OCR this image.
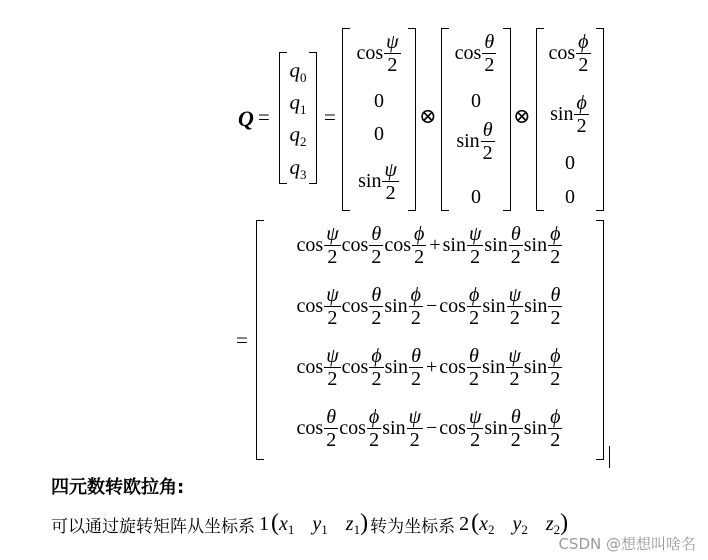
Q =
$q_0$
$q_1$
$q_2$
$q_3$
=
$\cos \frac{\psi}{2}$
0
0
$\sin \frac{\psi}{2}$
⊗
$\cos \frac{\theta}{2}$
0
$\sin \frac{\theta}{2}$
0
⊗
$\cos \frac{\phi}{2}$
$\sin \frac{\phi}{2}$
0
0
=
$\cos \frac{\psi}{2}$ $\cos \frac{\theta}{2}$ $\cos \frac{\phi}{2} + \sin \frac{\psi}{2}$ $\sin \frac{\theta}{2}$ $\sin \frac{\phi}{2}$
$\cos \frac{\psi}{2}$ $\cos \frac{\theta}{2}$ $\sin \frac{\phi}{2} - \cos \frac{\phi}{2}$ $\sin \frac{\psi}{2}$ $\sin \frac{\theta}{2}$
$\cos \frac{\psi}{2}$ $\cos \frac{\phi}{2}$ $\sin \frac{\theta}{2} + \cos \frac{\theta}{2}$ $\sin \frac{\psi}{2}$ $\sin \frac{\phi}{2}$
$\cos \frac{\theta}{2}$ $\cos \frac{\phi}{2}$ $\sin \frac{\psi}{2} - \cos \frac{\psi}{2}$ $\sin \frac{\theta}{2}$ $\sin \frac{\phi}{2}$
四元数转欧拉角:
可以通过旋转矩阵从坐标系 1 ($x_1$ $y_1$ $z_1$) 转为坐标系 2 ($x_2$ $y_2$ $z_2$)
CSDN @想想叫啥名
